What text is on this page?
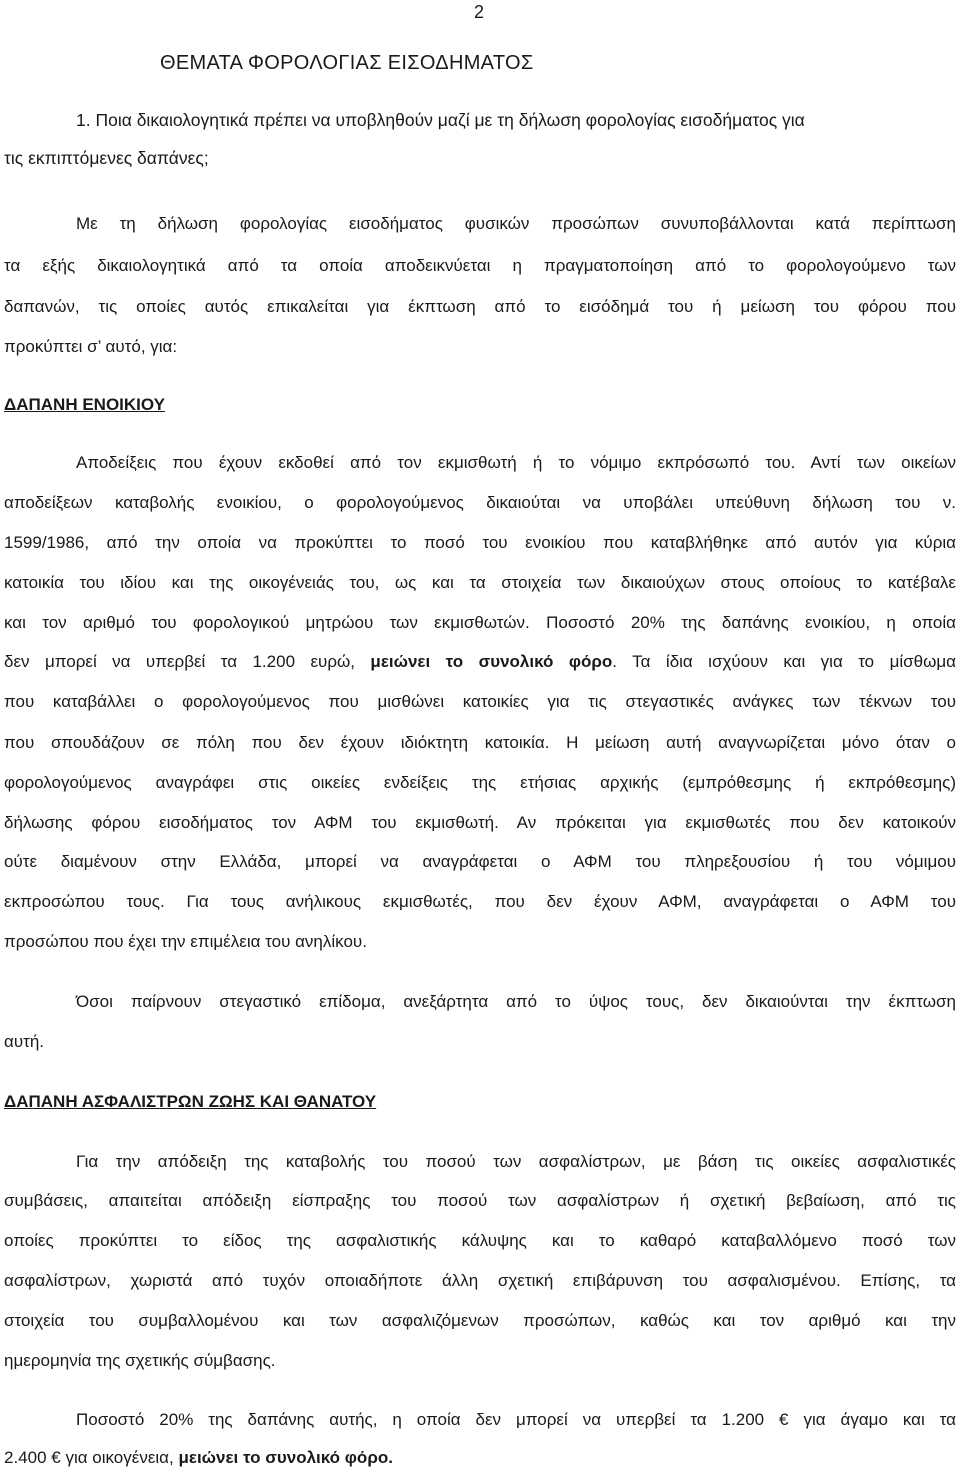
2
ΘΕΜΑΤΑ ΦΟΡΟΛΟΓΙΑΣ ΕΙΣΟΔΗΜΑΤΟΣ
1. Ποια δικαιολογητικά πρέπει να υποβληθούν μαζί με τη δήλωση φορολογίας εισοδήματος για
τις εκπιπτόμενες δαπάνες;
Με τη δήλωση φορολογίας εισοδήματος φυσικών προσώπων συνυποβάλλονται κατά περίπτωση
τα εξής δικαιολογητικά από τα οποία αποδεικνύεται η πραγματοποίηση από το φορολογούμενο των
δαπανών, τις οποίες αυτός επικαλείται για έκπτωση από το εισόδημά του ή μείωση του φόρου που
προκύπτει σ’ αυτό, για:
ΔΑΠΑΝΗ ΕΝΟΙΚΙΟΥ
Αποδείξεις που έχουν εκδοθεί από τον εκμισθωτή ή το νόμιμο εκπρόσωπό του. Αντί των οικείων
αποδείξεων καταβολής ενοικίου, ο φορολογούμενος δικαιούται να υποβάλει υπεύθυνη δήλωση του ν.
1599/1986, από την οποία να προκύπτει το ποσό του ενοικίου που καταβλήθηκε από αυτόν για κύρια
κατοικία του ιδίου και της οικογένειάς του, ως και τα στοιχεία των δικαιούχων στους οποίους το κατέβαλε
και τον αριθμό του φορολογικού μητρώου των εκμισθωτών. Ποσοστό 20% της δαπάνης ενοικίου, η οποία
δεν μπορεί να υπερβεί τα 1.200 ευρώ, μειώνει το συνολικό φόρο. Τα ίδια ισχύουν και για το μίσθωμα
που καταβάλλει ο φορολογούμενος που μισθώνει κατοικίες για τις στεγαστικές ανάγκες των τέκνων του
που σπουδάζουν σε πόλη που δεν έχουν ιδιόκτητη κατοικία. Η μείωση αυτή αναγνωρίζεται μόνο όταν ο
φορολογούμενος αναγράφει στις οικείες ενδείξεις της ετήσιας αρχικής (εμπρόθεσμης ή εκπρόθεσμης)
δήλωσης φόρου εισοδήματος τον ΑΦΜ του εκμισθωτή. Αν πρόκειται για εκμισθωτές που δεν κατοικούν
ούτε διαμένουν στην Ελλάδα, μπορεί να αναγράφεται ο ΑΦΜ του πληρεξουσίου ή του νόμιμου
εκπροσώπου τους. Για τους ανήλικους εκμισθωτές, που δεν έχουν ΑΦΜ, αναγράφεται ο ΑΦΜ του
προσώπου που έχει την επιμέλεια του ανηλίκου.
Όσοι παίρνουν στεγαστικό επίδομα, ανεξάρτητα από το ύψος τους, δεν δικαιούνται την έκπτωση
αυτή.
ΔΑΠΑΝΗ ΑΣΦΑΛΙΣΤΡΩΝ ΖΩΗΣ ΚΑΙ ΘΑΝΑΤΟΥ
Για την απόδειξη της καταβολής του ποσού των ασφαλίστρων, με βάση τις οικείες ασφαλιστικές
συμβάσεις, απαιτείται απόδειξη είσπραξης του ποσού των ασφαλίστρων ή σχετική βεβαίωση, από τις
οποίες προκύπτει το είδος της ασφαλιστικής κάλυψης και το καθαρό καταβαλλόμενο ποσό των
ασφαλίστρων, χωριστά από τυχόν οποιαδήποτε άλλη σχετική επιβάρυνση του ασφαλισμένου. Επίσης, τα
στοιχεία του συμβαλλομένου και των ασφαλιζόμενων προσώπων, καθώς και τον αριθμό και την
ημερομηνία της σχετικής σύμβασης.
Ποσοστό 20% της δαπάνης αυτής, η οποία δεν μπορεί να υπερβεί τα 1.200 € για άγαμο και τα
2.400 € για οικογένεια, μειώνει το συνολικό φόρο.
